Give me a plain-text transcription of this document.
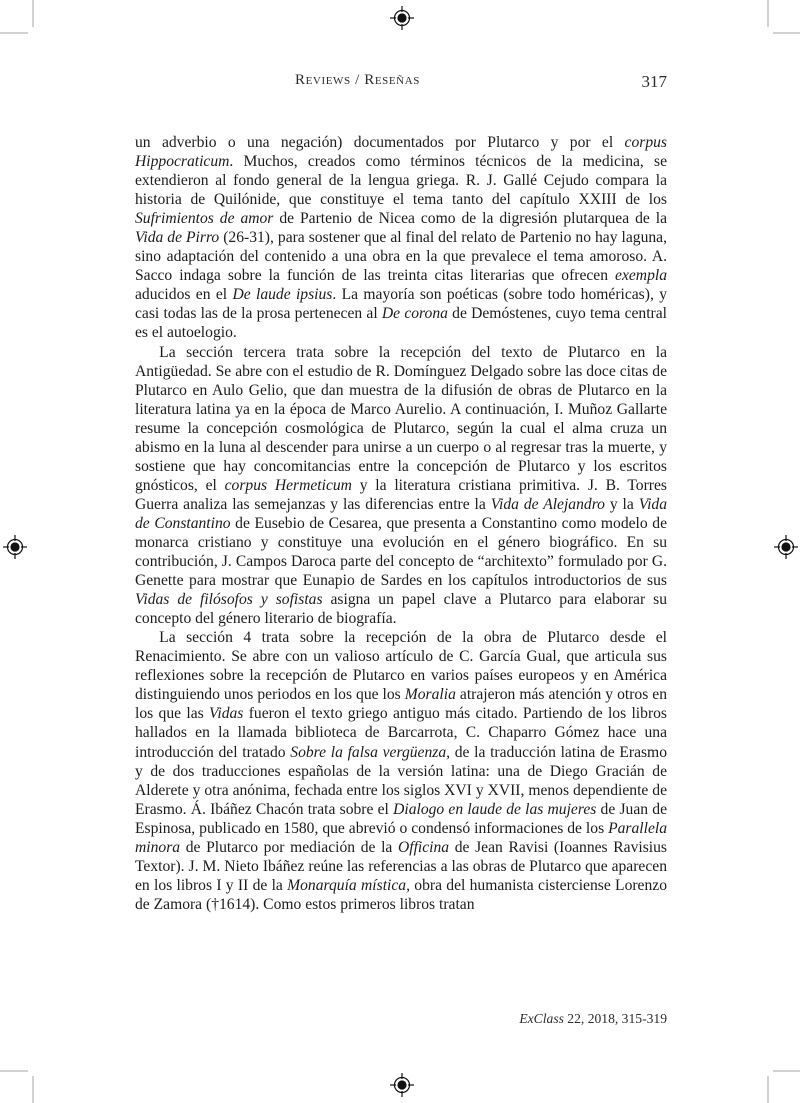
Reviews / Reseñas	317

un adverbio o una negación) documentados por Plutarco y por el corpus Hippocraticum. Muchos, creados como términos técnicos de la medicina, se extendieron al fondo general de la lengua griega. R. J. Gallé Cejudo compara la historia de Quilónide, que constituye el tema tanto del capítulo XXIII de los Sufrimientos de amor de Partenio de Nicea como de la digresión plutarquea de la Vida de Pirro (26-31), para sostener que al final del relato de Partenio no hay laguna, sino adaptación del contenido a una obra en la que prevalece el tema amoroso. A. Sacco indaga sobre la función de las treinta citas literarias que ofrecen exempla aducidos en el De laude ipsius. La mayoría son poéticas (sobre todo homéricas), y casi todas las de la prosa pertenecen al De corona de Demóstenes, cuyo tema central es el autoelogio.

La sección tercera trata sobre la recepción del texto de Plutarco en la Antigüedad. Se abre con el estudio de R. Domínguez Delgado sobre las doce citas de Plutarco en Aulo Gelio, que dan muestra de la difusión de obras de Plutarco en la literatura latina ya en la época de Marco Aurelio. A continuación, I. Muñoz Gallarte resume la concepción cosmológica de Plutarco, según la cual el alma cruza un abismo en la luna al descender para unirse a un cuerpo o al regresar tras la muerte, y sostiene que hay concomitancias entre la concepción de Plutarco y los escritos gnósticos, el corpus Hermeticum y la literatura cristiana primitiva. J. B. Torres Guerra analiza las semejanzas y las diferencias entre la Vida de Alejandro y la Vida de Constantino de Eusebio de Cesarea, que presenta a Constantino como modelo de monarca cristiano y constituye una evolución en el género biográfico. En su contribución, J. Campos Daroca parte del concepto de “architexto” formulado por G. Genette para mostrar que Eunapio de Sardes en los capítulos introductorios de sus Vidas de filósofos y sofistas asigna un papel clave a Plutarco para elaborar su concepto del género literario de biografía.

La sección 4 trata sobre la recepción de la obra de Plutarco desde el Renacimiento. Se abre con un valioso artículo de C. García Gual, que articula sus reflexiones sobre la recepción de Plutarco en varios países europeos y en América distinguiendo unos periodos en los que los Moralia atrajeron más atención y otros en los que las Vidas fueron el texto griego antiguo más citado. Partiendo de los libros hallados en la llamada biblioteca de Barcarrota, C. Chaparro Gómez hace una introducción del tratado Sobre la falsa vergüenza, de la traducción latina de Erasmo y de dos traducciones españolas de la versión latina: una de Diego Gracián de Alderete y otra anónima, fechada entre los siglos XVI y XVII, menos dependiente de Erasmo. Á. Ibáñez Chacón trata sobre el Dialogo en laude de las mujeres de Juan de Espinosa, publicado en 1580, que abrevió o condensó informaciones de los Parallela minora de Plutarco por mediación de la Officina de Jean Ravisi (Ioannes Ravisius Textor). J. M. Nieto Ibáñez reúne las referencias a las obras de Plutarco que aparecen en los libros I y II de la Monarquía mística, obra del humanista cisterciense Lorenzo de Zamora (†1614). Como estos primeros libros tratan

ExClass 22, 2018, 315-319
